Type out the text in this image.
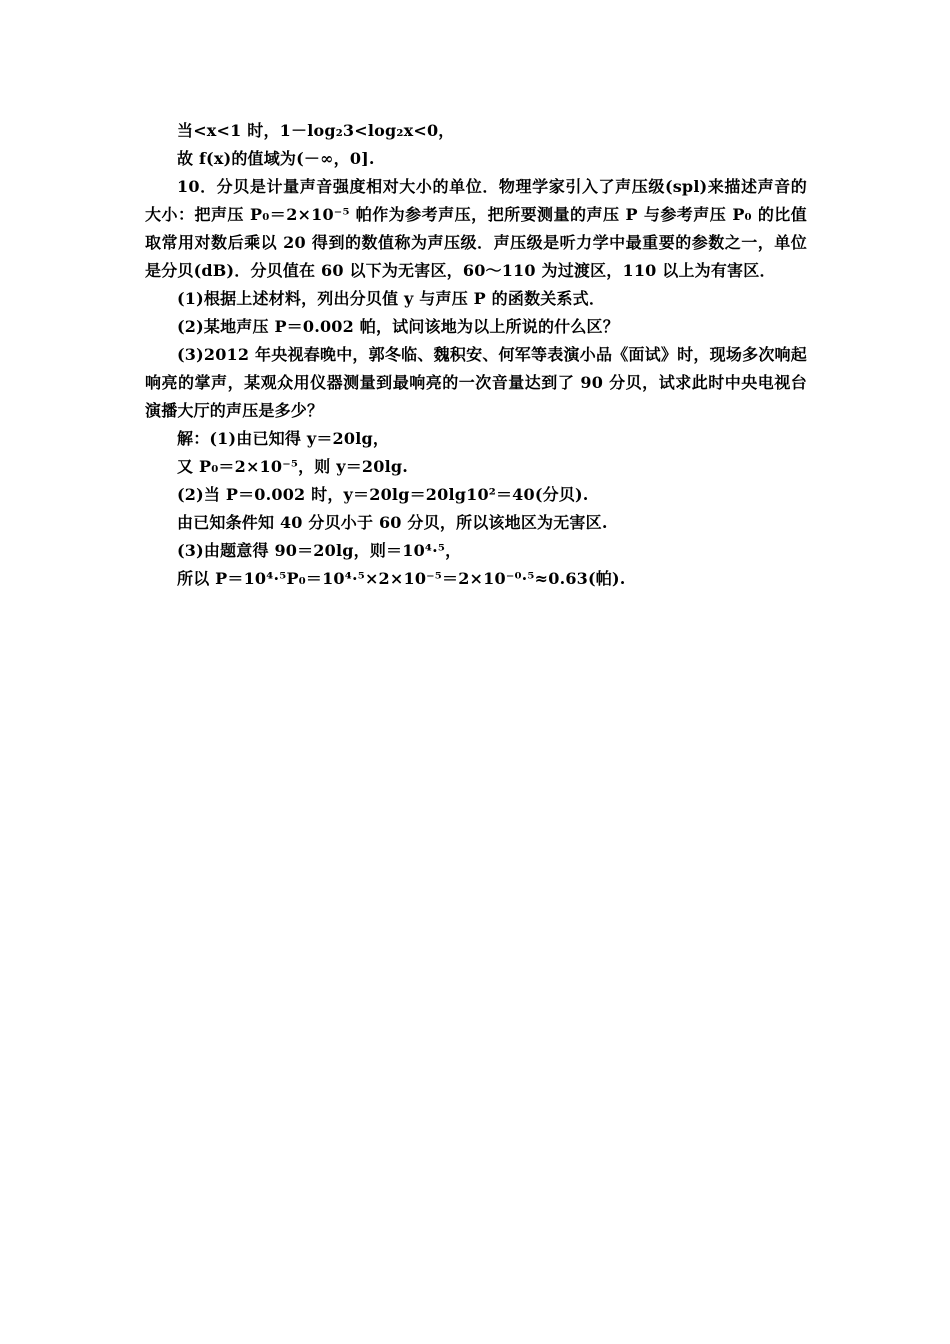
当<x<1 时，1－log₂3<log₂x<0，
故 f(x)的值域为(－∞，0].
10．分贝是计量声音强度相对大小的单位．物理学家引入了声压级(spl)来描述声音的大小：把声压 P₀＝2×10⁻⁵ 帕作为参考声压，把所要测量的声压 P 与参考声压 P₀ 的比值取常用对数后乘以 20 得到的数值称为声压级．声压级是听力学中最重要的参数之一，单位是分贝(dB)．分贝值在 60 以下为无害区，60～110 为过渡区，110 以上为有害区．
(1)根据上述材料，列出分贝值 y 与声压 P 的函数关系式．
(2)某地声压 P＝0.002 帕，试问该地为以上所说的什么区？
(3)2012 年央视春晚中，郭冬临、魏积安、何军等表演小品《面试》时，现场多次响起响亮的掌声，某观众用仪器测量到最响亮的一次音量达到了 90 分贝，试求此时中央电视台演播大厅的声压是多少？
解：(1)由已知得 y＝20lg，
又 P₀＝2×10⁻⁵，则 y＝20lg.
(2)当 P＝0.002 时，y＝20lg＝20lg10²＝40(分贝).
由已知条件知 40 分贝小于 60 分贝，所以该地区为无害区.
(3)由题意得 90＝20lg，则＝10⁴·⁵，
所以 P＝10⁴·⁵P₀＝10⁴·⁵×2×10⁻⁵＝2×10⁻⁰·⁵≈0.63(帕).
